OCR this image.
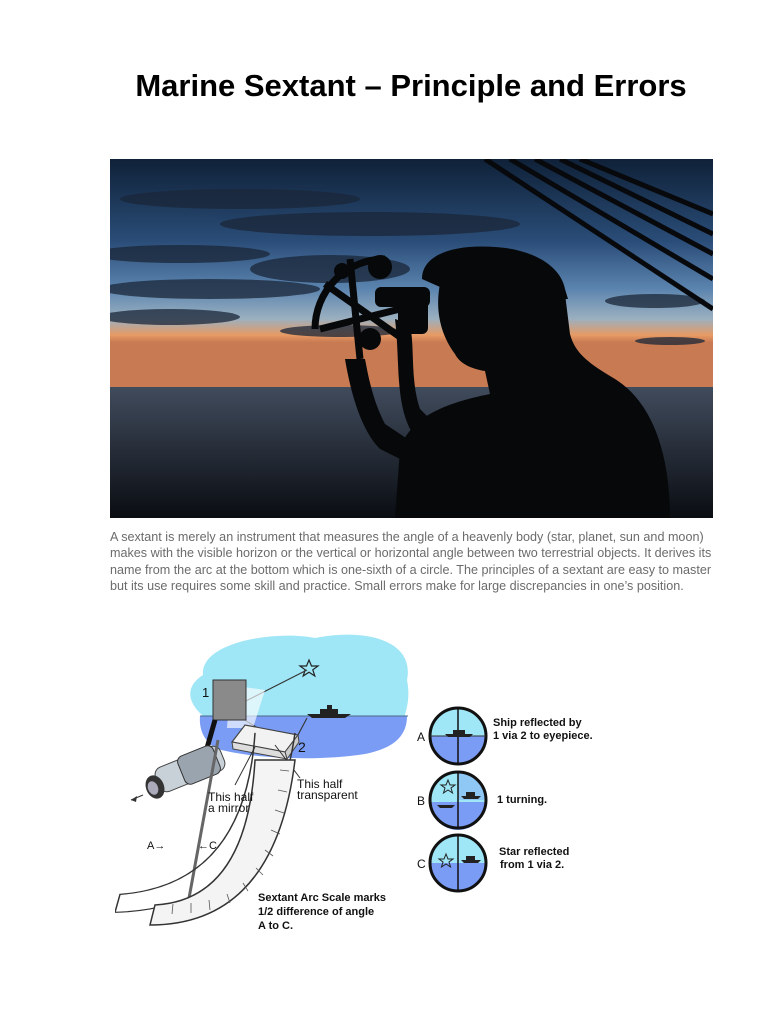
Marine Sextant – Principle and Errors

A sextant is merely an instrument that measures the angle of a heavenly body (star, planet, sun and moon) makes with the visible horizon or the vertical or horizontal angle between two terrestrial objects. It derives its name from the arc at the bottom which is one-sixth of a circle. The principles of a sextant are easy to master but its use requires some skill and practice. Small errors make for large discrepancies in one’s position.

1
2
This half
a mirror
This half
transparent
A→	←C
Sextant Arc Scale marks
1/2 difference of angle
A to C.
A
Ship reflected by
1 via 2 to eyepiece.
B	1 turning.
C
Star reflected
from 1 via 2.
